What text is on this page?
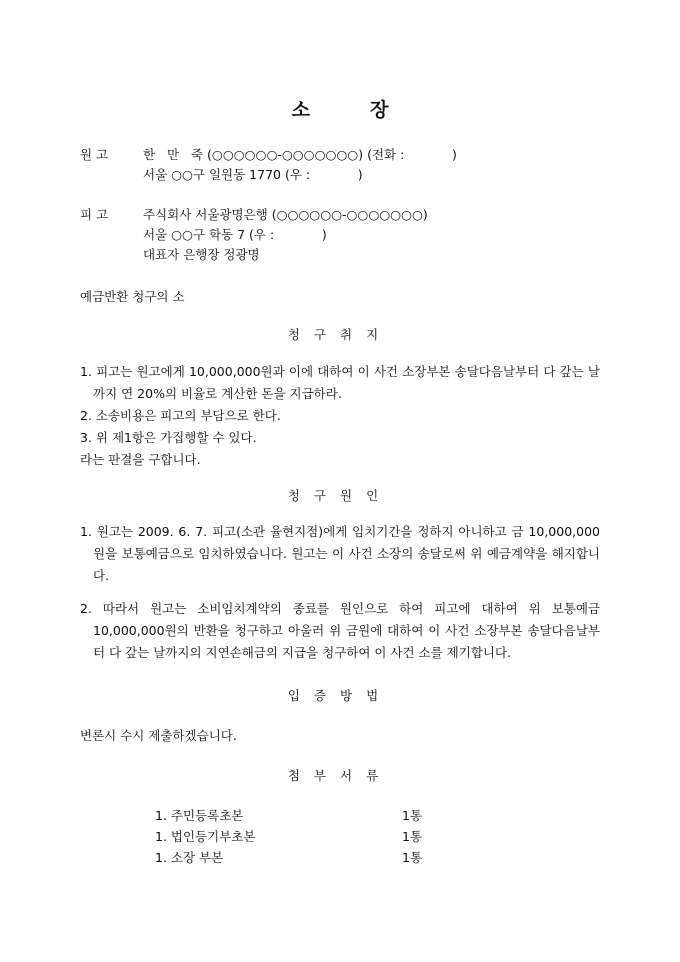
소	장
원 고	한   만   죽 (○○○○○○-○○○○○○○) (전화 :            )
서울 ○○구 일원동 1770 (우 :            )
피 고	주식회사 서울광명은행 (○○○○○○-○○○○○○○)
서울 ○○구 학동 7 (우 :            )
대표자 은행장 정광명
예금반환 청구의 소
청구취지
1. 피고는 원고에게 10,000,000원과 이에 대하여 이 사건 소장부본 송달다음날부터 다 갚는 날까지 연 20%의 비율로 계산한 돈을 지급하라.
2. 소송비용은 피고의 부담으로 한다.
3. 위 제1항은 가집행할 수 있다.
라는 판결을 구합니다.
청구원인
1. 원고는 2009. 6. 7. 피고(소관 율현지점)에게 임치기간을 정하지 아니하고 금 10,000,000원을 보통예금으로 임치하였습니다. 원고는 이 사건 소장의 송달로써 위 예금계약을 해지합니다.
2. 따라서 원고는 소비임치계약의 종료를 원인으로 하여 피고에 대하여 위 보통예금 10,000,000원의 반환을 청구하고 아울러 위 금원에 대하여 이 사건 소장부본 송달다음날부터 다 갚는 날까지의 지연손해금의 지급을 청구하여 이 사건 소를 제기합니다.
입증방법
변론시 수시 제출하겠습니다.
첨부서류
1. 주민등록초본	1통
1. 법인등기부초본	1통
1. 소장 부본	1통
